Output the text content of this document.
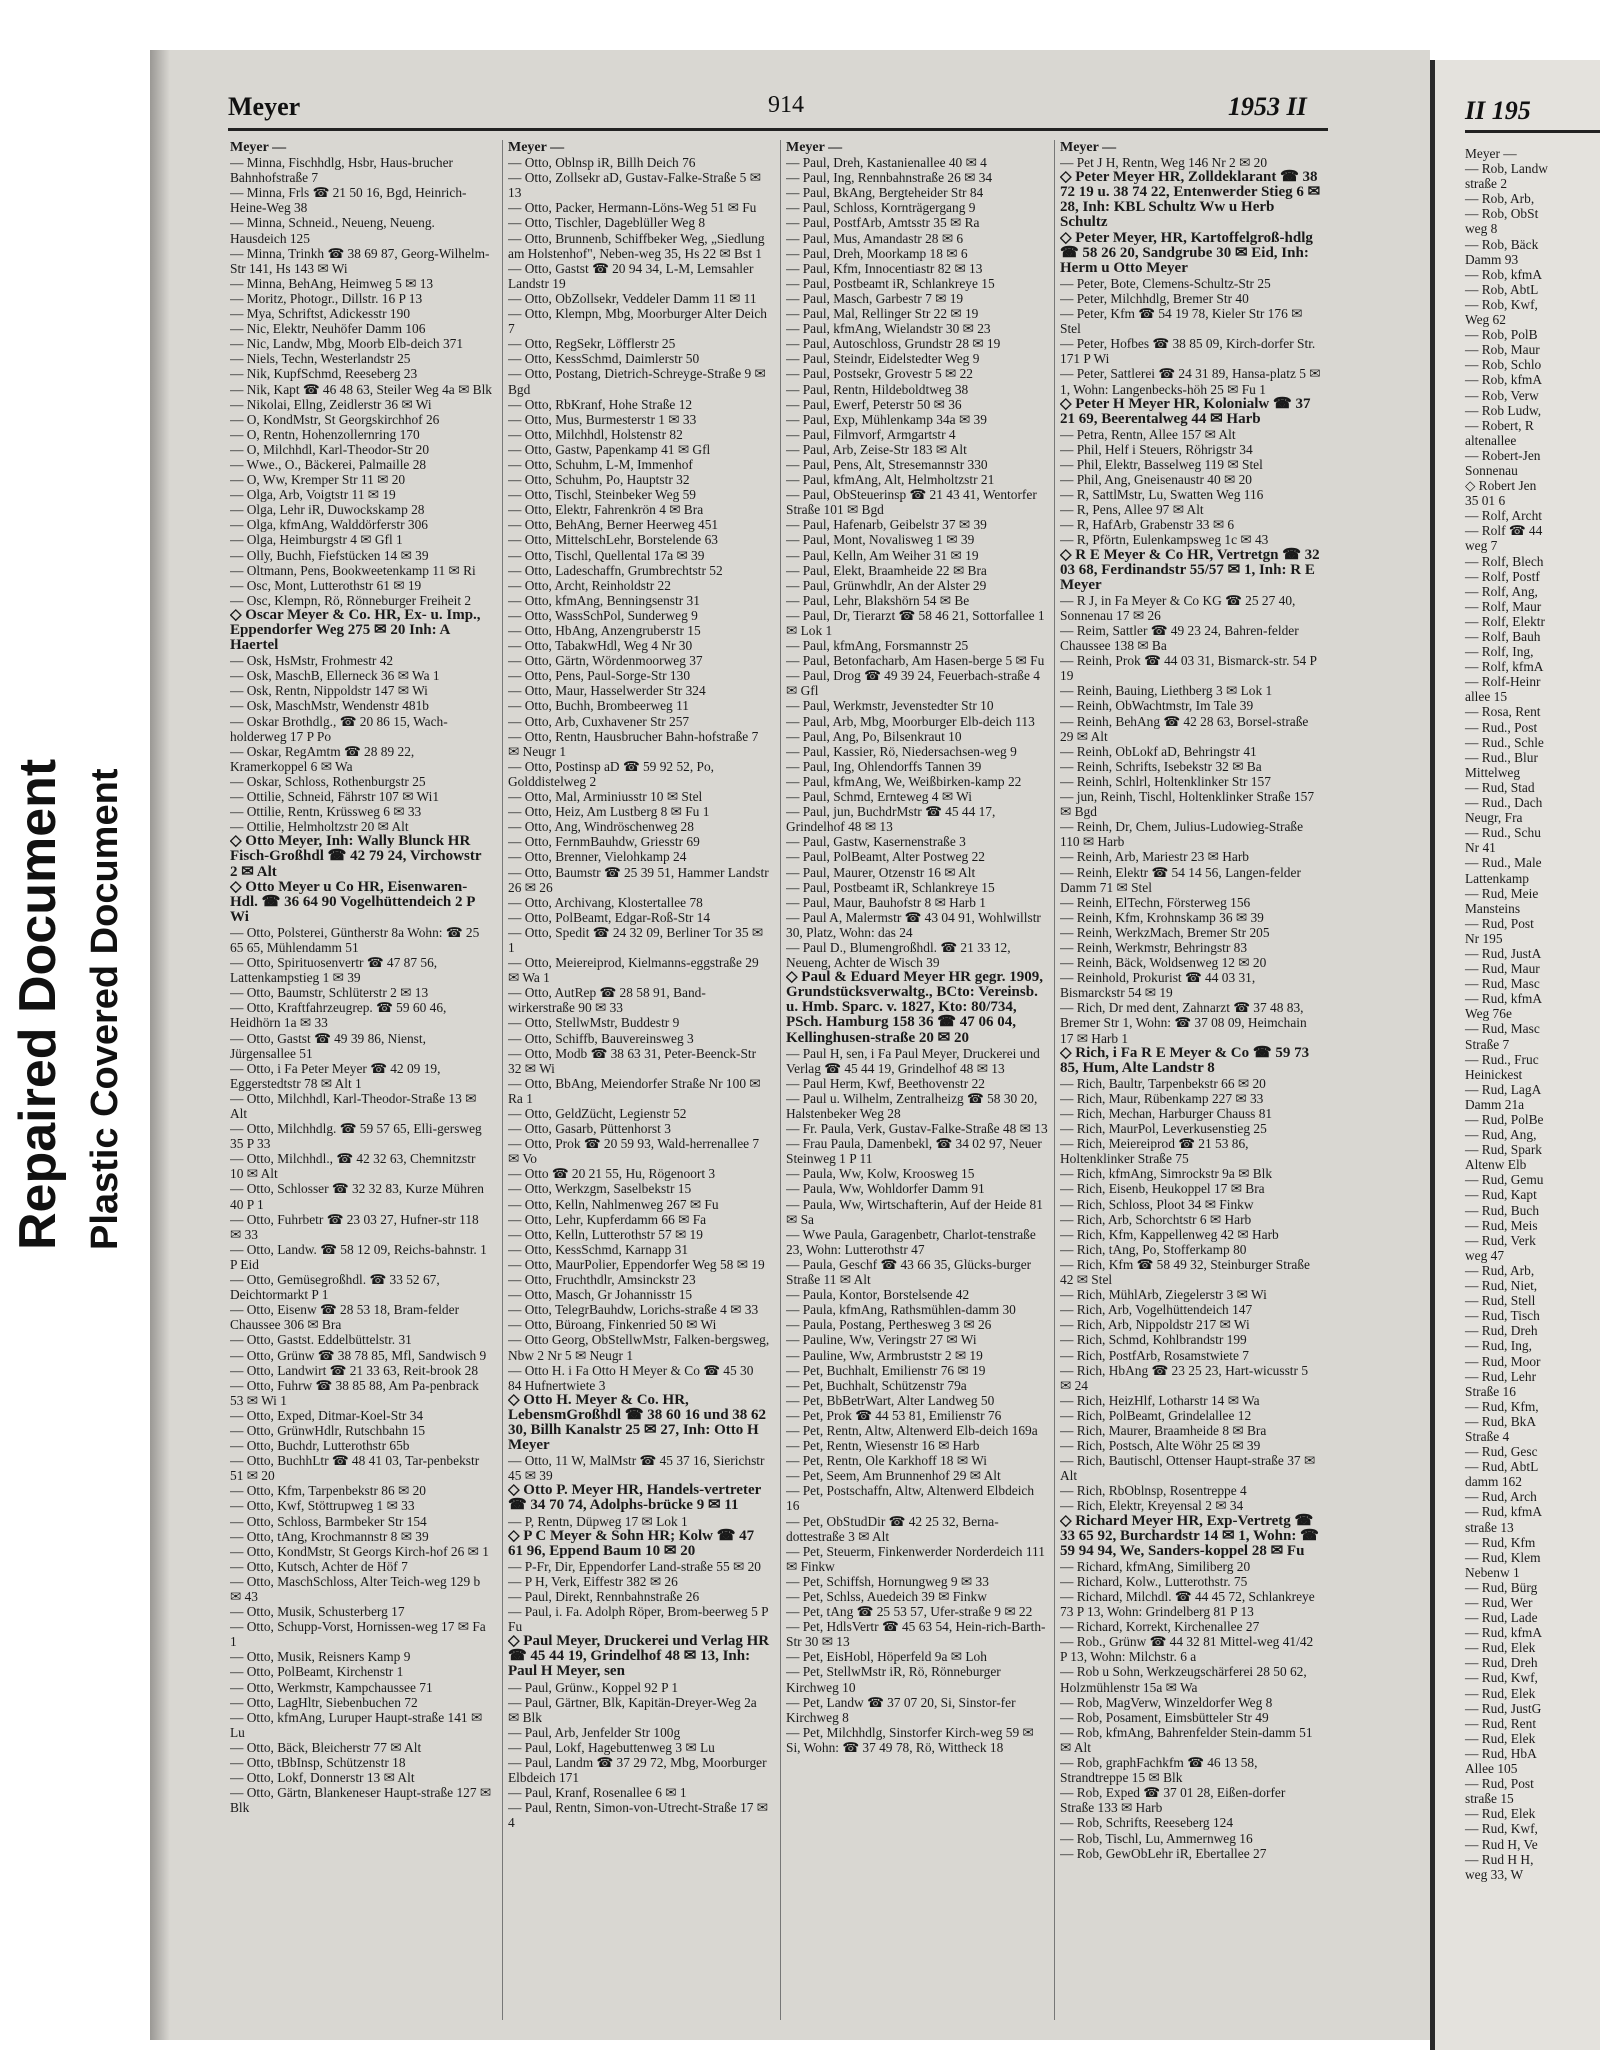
Repaired Document Plastic Covered Document
Meyer	914	1953 II
Meyer —
— Minna, Fischhdlg, Hsbr, Haus-brucher Bahnhofstraße 7
— Minna, Frls ☎ 21 50 16, Bgd, Heinrich-Heine-Weg 38
— Minna, Schneid., Neueng, Neueng. Hausdeich 125
— Minna, Trinkh ☎ 38 69 87, Georg-Wilhelm-Str 141, Hs 143 ✉ Wi
— Minna, BehAng, Heimweg 5 ✉ 13
— Moritz, Photogr., Dillstr. 16 P 13
— Mya, Schriftst, Adickesstr 190
— Nic, Elektr, Neuhöfer Damm 106
— Nic, Landw, Mbg, Moorb Elb-deich 371
— Niels, Techn, Westerlandstr 25
— Nik, KupfSchmd, Reeseberg 23
— Nik, Kapt ☎ 46 48 63, Steiler Weg 4a ✉ Blk
— Nikolai, Ellng, Zeidlerstr 36 ✉ Wi
— O, KondMstr, St Georgskirchhof 26
— O, Rentn, Hohenzollernring 170
— O, Milchhdl, Karl-Theodor-Str 20
— Wwe., O., Bäckerei, Palmaille 28
— O, Ww, Kremper Str 11 ✉ 20
— Olga, Arb, Voigtstr 11 ✉ 19
— Olga, Lehr iR, Duwockskamp 28
— Olga, kfmAng, Walddörferstr 306
— Olga, Heimburgstr 4 ✉ Gfl 1
— Olly, Buchh, Fiefstücken 14 ✉ 39
— Oltmann, Pens, Bookweetenkamp 11 ✉ Ri
— Osc, Mont, Lutterothstr 61 ✉ 19
— Osc, Klempn, Rö, Rönneburger Freiheit 2
◇ Oscar Meyer & Co. HR, Ex- u. Imp., Eppendorfer Weg 275 ✉ 20 Inh: A Haertel
— Osk, HsMstr, Frohmestr 42
— Osk, MaschB, Ellerneck 36 ✉ Wa 1
— Osk, Rentn, Nippoldstr 147 ✉ Wi
— Osk, MaschMstr, Wendenstr 481b
— Oskar Brothdlg., ☎ 20 86 15, Wach-holderweg 17 P Po
— Oskar, RegAmtm ☎ 28 89 22, Kramerkoppel 6 ✉ Wa
— Oskar, Schloss, Rothenburgstr 25
— Ottilie, Schneid, Fährstr 107 ✉ Wi1
— Ottilie, Rentn, Krüssweg 6 ✉ 33
— Ottilie, Helmholtzstr 20 ✉ Alt
◇ Otto Meyer, Inh: Wally Blunck HR Fisch-Großhdl ☎ 42 79 24, Virchowstr 2 ✉ Alt
◇ Otto Meyer u Co HR, Eisenwaren-Hdl. ☎ 36 64 90 Vogelhüttendeich 2 P Wi
— Otto, Polsterei, Güntherstr 8a Wohn: ☎ 25 65 65, Mühlendamm 51
— Otto, Spirituosenvertr ☎ 47 87 56, Lattenkampstieg 1 ✉ 39
— Otto, Baumstr, Schlüterstr 2 ✉ 13
— Otto, Kraftfahrzeugrep. ☎ 59 60 46, Heidhörn 1a ✉ 33
— Otto, Gastst ☎ 49 39 86, Nienst, Jürgensallee 51
— Otto, i Fa Peter Meyer ☎ 42 09 19, Eggerstedtstr 78 ✉ Alt 1
— Otto, Milchhdl, Karl-Theodor-Straße 13 ✉ Alt
— Otto, Milchhdlg. ☎ 59 57 65, Elli-gersweg 35 P 33
— Otto, Milchhdl., ☎ 42 32 63, Chemnitzstr 10 ✉ Alt
— Otto, Schlosser ☎ 32 32 83, Kurze Mühren 40 P 1
— Otto, Fuhrbetr ☎ 23 03 27, Hufner-str 118 ✉ 33
— Otto, Landw. ☎ 58 12 09, Reichs-bahnstr. 1 P Eid
— Otto, Gemüsegroßhdl. ☎ 33 52 67, Deichtormarkt P 1
— Otto, Eisenw ☎ 28 53 18, Bram-felder Chaussee 306 ✉ Bra
— Otto, Gastst. Eddelbüttelstr. 31
— Otto, Grünw ☎ 38 78 85, Mfl, Sandwisch 9
— Otto, Landwirt ☎ 21 33 63, Reit-brook 28
— Otto, Fuhrw ☎ 38 85 88, Am Pa-penbrack 53 ✉ Wi 1
— Otto, Exped, Ditmar-Koel-Str 34
— Otto, GrünwHdlr, Rutschbahn 15
— Otto, Buchdr, Lutterothstr 65b
— Otto, BuchhLtr ☎ 48 41 03, Tar-penbekstr 51 ✉ 20
— Otto, Kfm, Tarpenbekstr 86 ✉ 20
— Otto, Kwf, Stöttrupweg 1 ✉ 33
— Otto, Schloss, Barmbeker Str 154
— Otto, tAng, Krochmannstr 8 ✉ 39
— Otto, KondMstr, St Georgs Kirch-hof 26 ✉ 1
— Otto, Kutsch, Achter de Höf 7
— Otto, MaschSchloss, Alter Teich-weg 129 b ✉ 43
— Otto, Musik, Schusterberg 17
— Otto, Schupp-Vorst, Hornissen-weg 17 ✉ Fa 1
— Otto, Musik, Reisners Kamp 9
— Otto, PolBeamt, Kirchenstr 1
— Otto, Werkmstr, Kampchaussee 71
— Otto, LagHltr, Siebenbuchen 72
— Otto, kfmAng, Luruper Haupt-straße 141 ✉ Lu
— Otto, Bäck, Bleicherstr 77 ✉ Alt
— Otto, tBbInsp, Schützenstr 18
— Otto, Lokf, Donnerstr 13 ✉ Alt
— Otto, Gärtn, Blankeneser Haupt-straße 127 ✉ Blk
Meyer —
— Otto, Oblnsp iR, Billh Deich 76
— Otto, Zollsekr aD, Gustav-Falke-Straße 5 ✉ 13
— Otto, Packer, Hermann-Löns-Weg 51 ✉ Fu
— Otto, Tischler, Dageblüller Weg 8
— Otto, Brunnenb, Schiffbeker Weg, „Siedlung am Holstenhof", Neben-weg 35, Hs 22 ✉ Bst 1
— Otto, Gastst ☎ 20 94 34, L-M, Lemsahler Landstr 19
— Otto, ObZollsekr, Veddeler Damm 11 ✉ 11
— Otto, Klempn, Mbg, Moorburger Alter Deich 7
— Otto, RegSekr, Löfflerstr 25
— Otto, KessSchmd, Daimlerstr 50
— Otto, Postang, Dietrich-Schreyge-Straße 9 ✉ Bgd
— Otto, RbKranf, Hohe Straße 12
— Otto, Mus, Burmesterstr 1 ✉ 33
— Otto, Milchhdl, Holstenstr 82
— Otto, Gastw, Papenkamp 41 ✉ Gfl
— Otto, Schuhm, L-M, Immenhof
— Otto, Schuhm, Po, Hauptstr 32
— Otto, Tischl, Steinbeker Weg 59
— Otto, Elektr, Fahrenkrön 4 ✉ Bra
— Otto, BehAng, Berner Heerweg 451
— Otto, MittelschLehr, Borstelende 63
— Otto, Tischl, Quellental 17a ✉ 39
— Otto, Ladeschaffn, Grumbrechtstr 52
— Otto, Archt, Reinholdstr 22
— Otto, kfmAng, Benningsenstr 31
— Otto, WassSchPol, Sunderweg 9
— Otto, HbAng, Anzengruberstr 15
— Otto, TabakwHdl, Weg 4 Nr 30
— Otto, Gärtn, Wördenmoorweg 37
— Otto, Pens, Paul-Sorge-Str 130
— Otto, Maur, Hasselwerder Str 324
— Otto, Buchh, Brombeerweg 11
— Otto, Arb, Cuxhavener Str 257
— Otto, Rentn, Hausbrucher Bahn-hofstraße 7 ✉ Neugr 1
— Otto, Postinsp aD ☎ 59 92 52, Po, Golddistelweg 2
— Otto, Mal, Arminiusstr 10 ✉ Stel
— Otto, Heiz, Am Lustberg 8 ✉ Fu 1
— Otto, Ang, Windröschenweg 28
— Otto, FernmBauhdw, Griesstr 69
— Otto, Brenner, Vielohkamp 24
— Otto, Baumstr ☎ 25 39 51, Hammer Landstr 26 ✉ 26
— Otto, Archivang, Klostertallee 78
— Otto, PolBeamt, Edgar-Roß-Str 14
— Otto, Spedit ☎ 24 32 09, Berliner Tor 35 ✉ 1
— Otto, Meiereiprod, Kielmanns-eggstraße 29 ✉ Wa 1
— Otto, AutRep ☎ 28 58 91, Band-wirkerstraße 90 ✉ 33
— Otto, StellwMstr, Buddestr 9
— Otto, Schiffb, Bauvereinsweg 3
— Otto, Modb ☎ 38 63 31, Peter-Beenck-Str 32 ✉ Wi
— Otto, BbAng, Meiendorfer Straße Nr 100 ✉ Ra 1
— Otto, GeldZücht, Legienstr 52
— Otto, Gasarb, Püttenhorst 3
— Otto, Prok ☎ 20 59 93, Wald-herrenallee 7 ✉ Vo
— Otto ☎ 20 21 55, Hu, Rögenoort 3
— Otto, Werkzgm, Saselbekstr 15
— Otto, Kelln, Nahlmenweg 267 ✉ Fu
— Otto, Lehr, Kupferdamm 66 ✉ Fa
— Otto, Kelln, Lutterothstr 57 ✉ 19
— Otto, KessSchmd, Karnapp 31
— Otto, MaurPolier, Eppendorfer Weg 58 ✉ 19
— Otto, Fruchthdlr, Amsinckstr 23
— Otto, Masch, Gr Johannisstr 15
— Otto, TelegrBauhdw, Lorichs-straße 4 ✉ 33
— Otto, Büroang, Finkenried 50 ✉ Wi
— Otto Georg, ObStellwMstr, Falken-bergsweg, Nbw 2 Nr 5 ✉ Neugr 1
— Otto H. i Fa Otto H Meyer & Co ☎ 45 30 84 Hufnertwiete 3
◇ Otto H. Meyer & Co. HR, LebensmGroßhdl ☎ 38 60 16 und 38 62 30, Billh Kanalstr 25 ✉ 27, Inh: Otto H Meyer
— Otto, 11 W, MalMstr ☎ 45 37 16, Sierichstr 45 ✉ 39
◇ Otto P. Meyer HR, Handels-vertreter ☎ 34 70 74, Adolphs-brücke 9 ✉ 11
— P, Rentn, Düpweg 17 ✉ Lok 1
◇ P C Meyer & Sohn HR; Kolw ☎ 47 61 96, Eppend Baum 10 ✉ 20
— P-Fr, Dir, Eppendorfer Land-straße 55 ✉ 20
— P H, Verk, Eiffestr 382 ✉ 26
— Paul, Direkt, Rennbahnstraße 26
— Paul, i. Fa. Adolph Röper, Brom-beerweg 5 P Fu
◇ Paul Meyer, Druckerei und Verlag HR ☎ 45 44 19, Grindelhof 48 ✉ 13, Inh: Paul H Meyer, sen
— Paul, Grünw., Koppel 92 P 1
— Paul, Gärtner, Blk, Kapitän-Dreyer-Weg 2a ✉ Blk
— Paul, Arb, Jenfelder Str 100g
— Paul, Lokf, Hagebuttenweg 3 ✉ Lu
— Paul, Landm ☎ 37 29 72, Mbg, Moorburger Elbdeich 171
— Paul, Kranf, Rosenallee 6 ✉ 1
— Paul, Rentn, Simon-von-Utrecht-Straße 17 ✉ 4
Meyer —
— Paul, Dreh, Kastanienallee 40 ✉ 4
— Paul, Ing, Rennbahnstraße 26 ✉ 34
— Paul, BkAng, Bergteheider Str 84
— Paul, Schloss, Kornträgergang 9
— Paul, PostfArb, Amtsstr 35 ✉ Ra
— Paul, Mus, Amandastr 28 ✉ 6
— Paul, Dreh, Moorkamp 18 ✉ 6
— Paul, Kfm, Innocentiastr 82 ✉ 13
— Paul, Postbeamt iR, Schlankreye 15
— Paul, Masch, Garbestr 7 ✉ 19
— Paul, Mal, Rellinger Str 22 ✉ 19
— Paul, kfmAng, Wielandstr 30 ✉ 23
— Paul, Autoschloss, Grundstr 28 ✉ 19
— Paul, Steindr, Eidelstedter Weg 9
— Paul, Postsekr, Grovestr 5 ✉ 22
— Paul, Rentn, Hildeboldtweg 38
— Paul, Ewerf, Peterstr 50 ✉ 36
— Paul, Exp, Mühlenkamp 34a ✉ 39
— Paul, Filmvorf, Armgartstr 4
— Paul, Arb, Zeise-Str 183 ✉ Alt
— Paul, Pens, Alt, Stresemannstr 330
— Paul, kfmAng, Alt, Helmholtzstr 21
— Paul, ObSteuerinsp ☎ 21 43 41, Wentorfer Straße 101 ✉ Bgd
— Paul, Hafenarb, Geibelstr 37 ✉ 39
— Paul, Mont, Novalisweg 1 ✉ 39
— Paul, Kelln, Am Weiher 31 ✉ 19
— Paul, Elekt, Braamheide 22 ✉ Bra
— Paul, Grünwhdlr, An der Alster 29
— Paul, Lehr, Blakshörn 54 ✉ Be
— Paul, Dr, Tierarzt ☎ 58 46 21, Sottorfallee 1 ✉ Lok 1
— Paul, kfmAng, Forsmannstr 25
— Paul, Betonfacharb, Am Hasen-berge 5 ✉ Fu
— Paul, Drog ☎ 49 39 24, Feuerbach-straße 4 ✉ Gfl
— Paul, Werkmstr, Jevenstedter Str 10
— Paul, Arb, Mbg, Moorburger Elb-deich 113
— Paul, Ang, Po, Bilsenkraut 10
— Paul, Kassier, Rö, Niedersachsen-weg 9
— Paul, Ing, Ohlendorffs Tannen 39
— Paul, kfmAng, We, Weißbirken-kamp 22
— Paul, Schmd, Ernteweg 4 ✉ Wi
— Paul, jun, BuchdrMstr ☎ 45 44 17, Grindelhof 48 ✉ 13
— Paul, Gastw, Kasernenstraße 3
— Paul, PolBeamt, Alter Postweg 22
— Paul, Maurer, Otzenstr 16 ✉ Alt
— Paul, Postbeamt iR, Schlankreye 15
— Paul, Maur, Bauhofstr 8 ✉ Harb 1
— Paul A, Malermstr ☎ 43 04 91, Wohlwillstr 30, Platz, Wohn: das 24
— Paul D., Blumengroßhdl. ☎ 21 33 12, Neueng, Achter de Wisch 39
◇ Paul & Eduard Meyer HR gegr. 1909, Grundstücksverwaltg., BCto: Vereinsb. u. Hmb. Sparc. v. 1827, Kto: 80/734, PSch. Hamburg 158 36 ☎ 47 06 04, Kellinghusen-straße 20 ✉ 20
— Paul H, sen, i Fa Paul Meyer, Druckerei und Verlag ☎ 45 44 19, Grindelhof 48 ✉ 13
— Paul Herm, Kwf, Beethovenstr 22
— Paul u. Wilhelm, Zentralheizg ☎ 58 30 20, Halstenbeker Weg 28
— Fr. Paula, Verk, Gustav-Falke-Straße 48 ✉ 13
— Frau Paula, Damenbekl, ☎ 34 02 97, Neuer Steinweg 1 P 11
— Paula, Ww, Kolw, Kroosweg 15
— Paula, Ww, Wohldorfer Damm 91
— Paula, Ww, Wirtschafterin, Auf der Heide 81 ✉ Sa
— Wwe Paula, Garagenbetr, Charlot-tenstraße 23, Wohn: Lutterothstr 47
— Paula, Geschf ☎ 43 66 35, Glücks-burger Straße 11 ✉ Alt
— Paula, Kontor, Borstelsende 42
— Paula, kfmAng, Rathsmühlen-damm 30
— Paula, Postang, Perthesweg 3 ✉ 26
— Pauline, Ww, Veringstr 27 ✉ Wi
— Pauline, Ww, Armbruststr 2 ✉ 19
— Pet, Buchhalt, Emilienstr 76 ✉ 19
— Pet, Buchhalt, Schützenstr 79a
— Pet, BbBetrWart, Alter Landweg 50
— Pet, Prok ☎ 44 53 81, Emilienstr 76
— Pet, Rentn, Altw, Altenwerd Elb-deich 169a
— Pet, Rentn, Wiesenstr 16 ✉ Harb
— Pet, Rentn, Ole Karkhoff 18 ✉ Wi
— Pet, Seem, Am Brunnenhof 29 ✉ Alt
— Pet, Postschaffn, Altw, Altenwerd Elbdeich 16
— Pet, ObStudDir ☎ 42 25 32, Berna-dottestraße 3 ✉ Alt
— Pet, Steuerm, Finkenwerder Norderdeich 111 ✉ Finkw
— Pet, Schiffsh, Hornungweg 9 ✉ 33
— Pet, Schlss, Auedeich 39 ✉ Finkw
— Pet, tAng ☎ 25 53 57, Ufer-straße 9 ✉ 22
— Pet, HdlsVertr ☎ 45 63 54, Hein-rich-Barth-Str 30 ✉ 13
— Pet, EisHobl, Höperfeld 9a ✉ Loh
— Pet, StellwMstr iR, Rö, Rönneburger Kirchweg 10
— Pet, Landw ☎ 37 07 20, Si, Sinstor-fer Kirchweg 8
— Pet, Milchhdlg, Sinstorfer Kirch-weg 59 ✉ Si, Wohn: ☎ 37 49 78, Rö, Wittheck 18
Meyer —
— Pet J H, Rentn, Weg 146 Nr 2 ✉ 20
◇ Peter Meyer HR, Zolldeklarant ☎ 38 72 19 u. 38 74 22, Entenwerder Stieg 6 ✉ 28, Inh: KBL Schultz Ww u Herb Schultz
◇ Peter Meyer, HR, Kartoffelgroß-hdlg ☎ 58 26 20, Sandgrube 30 ✉ Eid, Inh: Herm u Otto Meyer
— Peter, Bote, Clemens-Schultz-Str 25
— Peter, Milchhdlg, Bremer Str 40
— Peter, Kfm ☎ 54 19 78, Kieler Str 176 ✉ Stel
— Peter, Hofbes ☎ 38 85 09, Kirch-dorfer Str. 171 P Wi
— Peter, Sattlerei ☎ 24 31 89, Hansa-platz 5 ✉ 1, Wohn: Langenbecks-höh 25 ✉ Fu 1
◇ Peter H Meyer HR, Kolonialw ☎ 37 21 69, Beerentalweg 44 ✉ Harb
— Petra, Rentn, Allee 157 ✉ Alt
— Phil, Helf i Steuers, Röhrigstr 34
— Phil, Elektr, Basselweg 119 ✉ Stel
— Phil, Ang, Gneisenaustr 40 ✉ 20
— R, SattlMstr, Lu, Swatten Weg 116
— R, Pens, Allee 97 ✉ Alt
— R, HafArb, Grabenstr 33 ✉ 6
— R, Pförtn, Eulenkampsweg 1c ✉ 43
◇ R E Meyer & Co HR, Vertretgn ☎ 32 03 68, Ferdinandstr 55/57 ✉ 1, Inh: R E Meyer
— R J, in Fa Meyer & Co KG ☎ 25 27 40, Sonnenau 17 ✉ 26
— Reim, Sattler ☎ 49 23 24, Bahren-felder Chaussee 138 ✉ Ba
— Reinh, Prok ☎ 44 03 31, Bismarck-str. 54 P 19
— Reinh, Bauing, Liethberg 3 ✉ Lok 1
— Reinh, ObWachtmstr, Im Tale 39
— Reinh, BehAng ☎ 42 28 63, Borsel-straße 29 ✉ Alt
— Reinh, ObLokf aD, Behringstr 41
— Reinh, Schrifts, Isebekstr 32 ✉ Ba
— Reinh, Schlrl, Holtenklinker Str 157
— jun, Reinh, Tischl, Holtenklinker Straße 157 ✉ Bgd
— Reinh, Dr, Chem, Julius-Ludowieg-Straße 110 ✉ Harb
— Reinh, Arb, Mariestr 23 ✉ Harb
— Reinh, Elektr ☎ 54 14 56, Langen-felder Damm 71 ✉ Stel
— Reinh, ElTechn, Försterweg 156
— Reinh, Kfm, Krohnskamp 36 ✉ 39
— Reinh, WerkzMach, Bremer Str 205
— Reinh, Werkmstr, Behringstr 83
— Reinh, Bäck, Woldsenweg 12 ✉ 20
— Reinhold, Prokurist ☎ 44 03 31, Bismarckstr 54 ✉ 19
— Rich, Dr med dent, Zahnarzt ☎ 37 48 83, Bremer Str 1, Wohn: ☎ 37 08 09, Heimchain 17 ✉ Harb 1
◇ Rich, i Fa R E Meyer & Co ☎ 59 73 85, Hum, Alte Landstr 8
— Rich, Baultr, Tarpenbekstr 66 ✉ 20
— Rich, Maur, Rübenkamp 227 ✉ 33
— Rich, Mechan, Harburger Chauss 81
— Rich, MaurPol, Leverkusenstieg 25
— Rich, Meiereiprod ☎ 21 53 86, Holtenklinker Straße 75
— Rich, kfmAng, Simrockstr 9a ✉ Blk
— Rich, Eisenb, Heukoppel 17 ✉ Bra
— Rich, Schloss, Ploot 34 ✉ Finkw
— Rich, Arb, Schorchtstr 6 ✉ Harb
— Rich, Kfm, Kappellenweg 42 ✉ Harb
— Rich, tAng, Po, Stofferkamp 80
— Rich, Kfm ☎ 58 49 32, Steinburger Straße 42 ✉ Stel
— Rich, MühlArb, Ziegelerstr 3 ✉ Wi
— Rich, Arb, Vogelhüttendeich 147
— Rich, Arb, Nippoldstr 217 ✉ Wi
— Rich, Schmd, Kohlbrandstr 199
— Rich, PostfArb, Rosamstwiete 7
— Rich, HbAng ☎ 23 25 23, Hart-wicusstr 5 ✉ 24
— Rich, HeizHlf, Lotharstr 14 ✉ Wa
— Rich, PolBeamt, Grindelallee 12
— Rich, Maurer, Braamheide 8 ✉ Bra
— Rich, Postsch, Alte Wöhr 25 ✉ 39
— Rich, Bautischl, Ottenser Haupt-straße 37 ✉ Alt
— Rich, RbOblnsp, Rosentreppe 4
— Rich, Elektr, Kreyensal 2 ✉ 34
◇ Richard Meyer HR, Exp-Vertretg ☎ 33 65 92, Burchardstr 14 ✉ 1, Wohn: ☎ 59 94 94, We, Sanders-koppel 28 ✉ Fu
— Richard, kfmAng, Similiberg 20
— Richard, Kolw., Lutterothstr. 75
— Richard, Milchdl. ☎ 44 45 72, Schlankreye 73 P 13, Wohn: Grindelberg 81 P 13
— Richard, Korrekt, Kirchenallee 27
— Rob., Grünw ☎ 44 32 81 Mittel-weg 41/42 P 13, Wohn: Milchstr. 6 a
— Rob u Sohn, Werkzeugschärferei 28 50 62, Holzmühlenstr 15a ✉ Wa
— Rob, MagVerw, Winzeldorfer Weg 8
— Rob, Posament, Eimsbütteler Str 49
— Rob, kfmAng, Bahrenfelder Stein-damm 51 ✉ Alt
— Rob, graphFachkfm ☎ 46 13 58, Strandtreppe 15 ✉ Blk
— Rob, Exped ☎ 37 01 28, Eißen-dorfer Straße 133 ✉ Harb
— Rob, Schrifts, Reeseberg 124
— Rob, Tischl, Lu, Ammernweg 16
— Rob, GewObLehr iR, Ebertallee 27
II 195
Meyer —
— Rob, Landw
straße 2
— Rob, Arb,
— Rob, ObSt
weg 8
— Rob, Bäck
Damm 93
— Rob, kfmA
— Rob, AbtL
— Rob, Kwf,
Weg 62
— Rob, PolB
— Rob, Maur
— Rob, Schlo
— Rob, kfmA
— Rob, Verw
— Rob Ludw,
— Robert, R
altenallee
— Robert-Jen
Sonnenau
◇ Robert Jen
35 01 6
— Rolf, Archt
— Rolf ☎ 44
weg 7
— Rolf, Blech
— Rolf, Postf
— Rolf, Ang,
— Rolf, Maur
— Rolf, Elektr
— Rolf, Bauh
— Rolf, Ing,
— Rolf, kfmA
— Rolf-Heinr
allee 15
— Rosa, Rent
— Rud., Post
— Rud., Schle
— Rud., Blur
Mittelweg
— Rud, Stad
— Rud., Dach
Neugr, Fra
— Rud., Schu
Nr 41
— Rud., Male
Lattenkamp
— Rud, Meie
Mansteins
— Rud, Post
Nr 195
— Rud, JustA
— Rud, Maur
— Rud, Masc
— Rud, kfmA
Weg 76e
— Rud, Masc
Straße 7
— Rud., Fruc
Heinickest
— Rud, LagA
Damm 21a
— Rud, PolBe
— Rud, Ang,
— Rud, Spark
Altenw Elb
— Rud, Gemu
— Rud, Kapt
— Rud, Buch
— Rud, Meis
— Rud, Verk
weg 47
— Rud, Arb,
— Rud, Niet,
— Rud, Stell
— Rud, Tisch
— Rud, Dreh
— Rud, Ing,
— Rud, Moor
— Rud, Lehr
Straße 16
— Rud, Kfm,
— Rud, BkA
Straße 4
— Rud, Gesc
— Rud, AbtL
damm 162
— Rud, Arch
— Rud, kfmA
straße 13
— Rud, Kfm
— Rud, Klem
Nebenw 1
— Rud, Bürg
— Rud, Wer
— Rud, Lade
— Rud, kfmA
— Rud, Elek
— Rud, Dreh
— Rud, Kwf,
— Rud, Elek
— Rud, JustG
— Rud, Rent
— Rud, Elek
— Rud, HbA
Allee 105
— Rud, Post
straße 15
— Rud, Elek
— Rud, Kwf,
— Rud H, Ve
— Rud H H,
weg 33, W
